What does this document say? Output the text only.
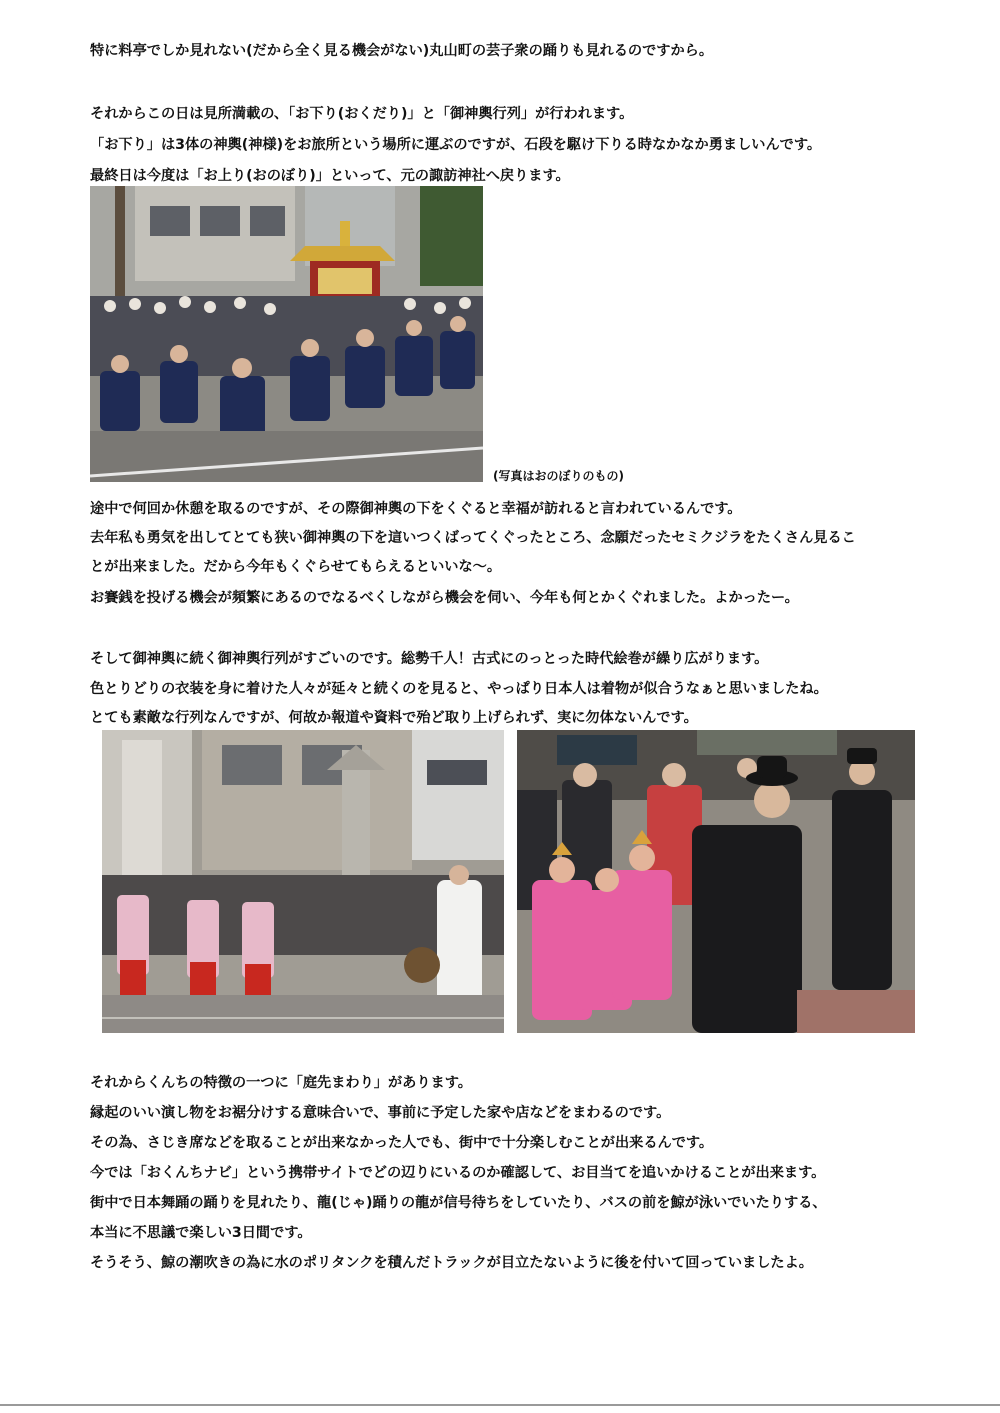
特に料亭でしか見れない(だから全く見る機会がない)丸山町の芸子衆の踊りも見れるのですから。
それからこの日は見所満載の、「お下り(おくだり)」と「御神輿行列」が行われます。
「お下り」は3体の神輿(神様)をお旅所という場所に運ぶのですが、石段を駆け下りる時なかなか勇ましいんです。
最終日は今度は「お上り(おのぼり)」といって、元の諏訪神社へ戻ります。
(写真はおのぼりのもの)
途中で何回か休憩を取るのですが、その際御神輿の下をくぐると幸福が訪れると言われているんです。
去年私も勇気を出してとても狭い御神輿の下を這いつくばってくぐったところ、念願だったセミクジラをたくさん見るこ
とが出来ました。だから今年もくぐらせてもらえるといいな～。
お賽銭を投げる機会が頻繁にあるのでなるべくしながら機会を伺い、今年も何とかくぐれました。よかったー。
そして御神輿に続く御神輿行列がすごいのです。総勢千人！古式にのっとった時代絵巻が繰り広がります。
色とりどりの衣装を身に着けた人々が延々と続くのを見ると、やっぱり日本人は着物が似合うなぁと思いましたね。
とても素敵な行列なんですが、何故か報道や資料で殆ど取り上げられず、実に勿体ないんです。
それからくんちの特徴の一つに「庭先まわり」があります。
縁起のいい演し物をお裾分けする意味合いで、事前に予定した家や店などをまわるのです。
その為、さじき席などを取ることが出来なかった人でも、街中で十分楽しむことが出来るんです。
今では「おくんちナビ」という携帯サイトでどの辺りにいるのか確認して、お目当てを追いかけることが出来ます。
街中で日本舞踊の踊りを見れたり、龍(じゃ)踊りの龍が信号待ちをしていたり、バスの前を鯨が泳いでいたりする、
本当に不思議で楽しい3日間です。
そうそう、鯨の潮吹きの為に水のポリタンクを積んだトラックが目立たないように後を付いて回っていましたよ。
